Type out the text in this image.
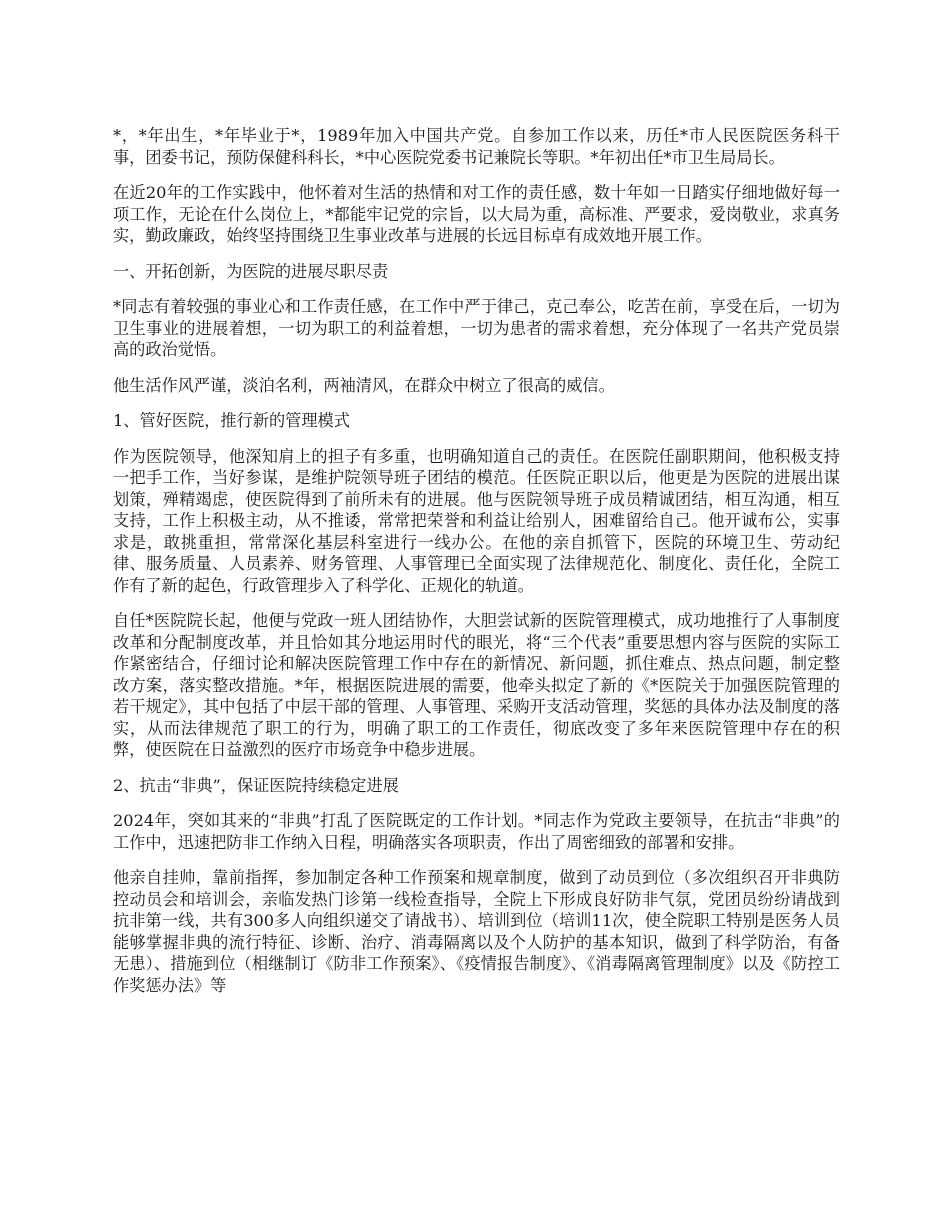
*，*年出生，*年毕业于*，1989年加入中国共产党。自参加工作以来，历任*市人民医院医务科干事，团委书记，预防保健科科长，*中心医院党委书记兼院长等职。*年初出任*市卫生局局长。

在近20年的工作实践中，他怀着对生活的热情和对工作的责任感，数十年如一日踏实仔细地做好每一项工作，无论在什么岗位上，*都能牢记党的宗旨，以大局为重，高标准、严要求，爱岗敬业，求真务实，勤政廉政，始终坚持围绕卫生事业改革与进展的长远目标卓有成效地开展工作。

一、开拓创新，为医院的进展尽职尽责

*同志有着较强的事业心和工作责任感，在工作中严于律己，克己奉公，吃苦在前，享受在后，一切为卫生事业的进展着想，一切为职工的利益着想，一切为患者的需求着想，充分体现了一名共产党员崇高的政治觉悟。

他生活作风严谨，淡泊名利，两袖清风，在群众中树立了很高的威信。

1、管好医院，推行新的管理模式

作为医院领导，他深知肩上的担子有多重，也明确知道自己的责任。在医院任副职期间，他积极支持一把手工作，当好参谋，是维护院领导班子团结的模范。任医院正职以后，他更是为医院的进展出谋划策，殚精竭虑，使医院得到了前所未有的进展。他与医院领导班子成员精诚团结，相互沟通，相互支持，工作上积极主动，从不推诿，常常把荣誉和利益让给别人，困难留给自己。他开诚布公，实事求是，敢挑重担，常常深化基层科室进行一线办公。在他的亲自抓管下，医院的环境卫生、劳动纪律、服务质量、人员素养、财务管理、人事管理已全面实现了法律规范化、制度化、责任化，全院工作有了新的起色，行政管理步入了科学化、正规化的轨道。

自任*医院院长起，他便与党政一班人团结协作，大胆尝试新的医院管理模式，成功地推行了人事制度改革和分配制度改革，并且恰如其分地运用时代的眼光，将“三个代表”重要思想内容与医院的实际工作紧密结合，仔细讨论和解决医院管理工作中存在的新情况、新问题，抓住难点、热点问题，制定整改方案，落实整改措施。*年，根据医院进展的需要，他牵头拟定了新的《*医院关于加强医院管理的若干规定》，其中包括了中层干部的管理、人事管理、采购开支活动管理，奖惩的具体办法及制度的落实，从而法律规范了职工的行为，明确了职工的工作责任，彻底改变了多年来医院管理中存在的积弊，使医院在日益激烈的医疗市场竞争中稳步进展。

2、抗击“非典”，保证医院持续稳定进展

2024年，突如其来的“非典”打乱了医院既定的工作计划。*同志作为党政主要领导，在抗击“非典”的工作中，迅速把防非工作纳入日程，明确落实各项职责，作出了周密细致的部署和安排。

他亲自挂帅，靠前指挥，参加制定各种工作预案和规章制度，做到了动员到位（多次组织召开非典防控动员会和培训会，亲临发热门诊第一线检查指导，全院上下形成良好防非气氛，党团员纷纷请战到抗非第一线，共有300多人向组织递交了请战书）、培训到位（培训11次，使全院职工特别是医务人员能够掌握非典的流行特征、诊断、治疗、消毒隔离以及个人防护的基本知识，做到了科学防治，有备无患）、措施到位（相继制订《防非工作预案》、《疫情报告制度》、《消毒隔离管理制度》以及《防控工作奖惩办法》等
